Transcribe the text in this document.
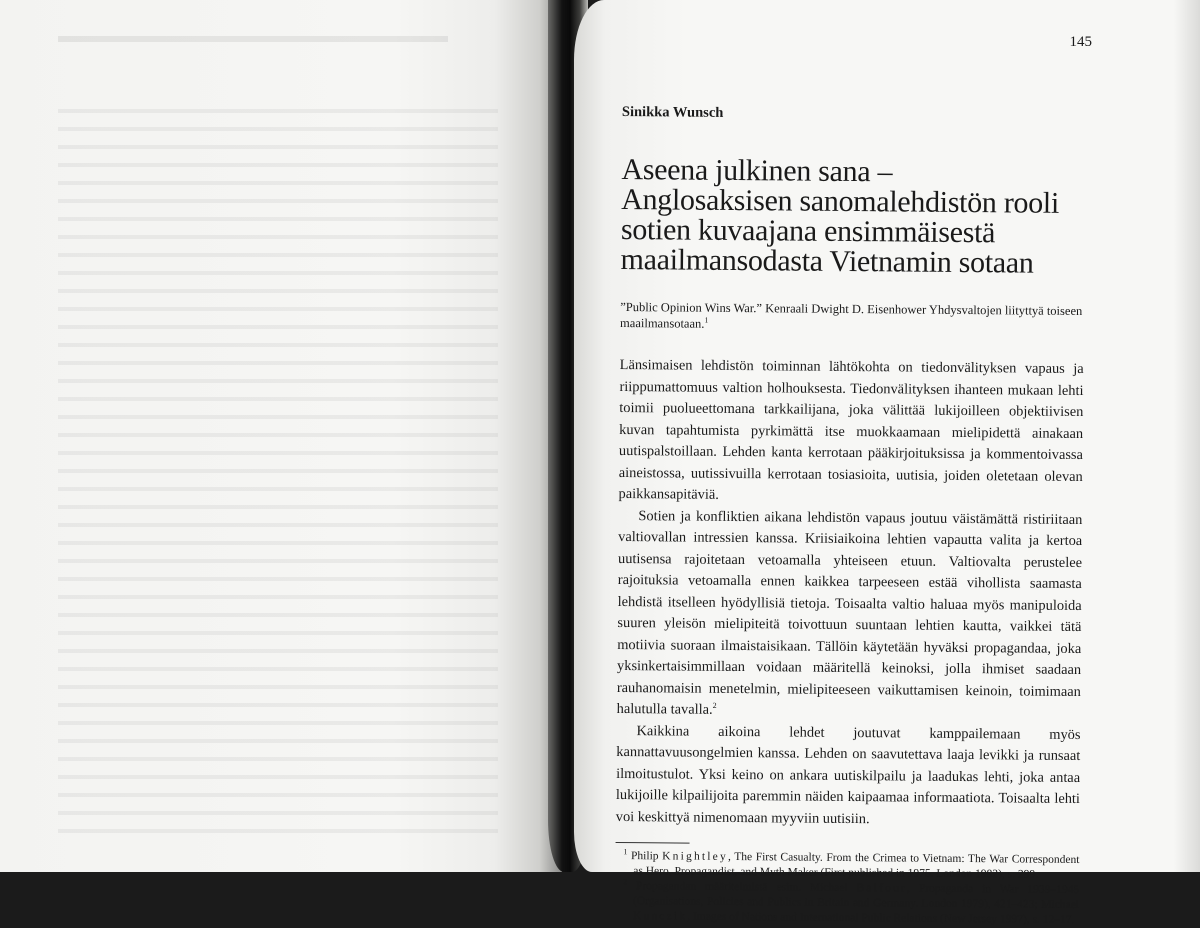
145
Sinikka Wunsch
Aseena julkinen sana –
Anglosaksisen sanomalehdistön rooli
sotien kuvaajana ensimmäisestä
maailmansodasta Vietnamin sotaan

”Public Opinion Wins War.” Kenraali Dwight D. Eisenhower Yhdysvaltojen liityttyä toiseen maailmansotaan.$^1$

Länsimaisen lehdistön toiminnan lähtökohta on tiedonvälityksen vapaus ja riippumattomuus valtion holhouksesta. Tiedonvälityksen ihanteen mukaan lehti toimii puolueettomana tarkkailijana, joka välittää lukijoilleen objektiivisen kuvan tapahtumista pyrkimättä itse muokkaamaan mielipidettä ainakaan uutispalstoillaan. Lehden kanta kerrotaan pääkirjoituksissa ja kommentoivassa aineistossa, uutissivuilla kerrotaan tosiasioita, uutisia, joiden oletetaan olevan paikkansapitäviä.

Sotien ja konfliktien aikana lehdistön vapaus joutuu väistämättä ristiriitaan valtiovallan intressien kanssa. Kriisiaikoina lehtien vapautta valita ja kertoa uutisensa rajoitetaan vetoamalla yhteiseen etuun. Valtiovalta perustelee rajoituksia vetoamalla ennen kaikkea tarpeeseen estää vihollista saamasta lehdistä itselleen hyödyllisiä tietoja. Toisaalta valtio haluaa myös manipuloida suuren yleisön mielipiteitä toivottuun suuntaan lehtien kautta, vaikkei tätä motiivia suoraan ilmaistaisikaan. Tällöin käytetään hyväksi propagandaa, joka yksinkertaisimmillaan voidaan määritellä keinoksi, jolla ihmiset saadaan rauhanomaisin menetelmin, mielipiteeseen vaikuttamisen keinoin, toimimaan halutulla tavalla.$^2$

Kaikkina aikoina lehdet joutuvat kamppailemaan myös kannattavuusongelmien kanssa. Lehden on saavutettava laaja levikki ja runsaat ilmoitustulot. Yksi keino on ankara uutiskilpailu ja laadukas lehti, joka antaa lukijoille kilpailijoita paremmin näiden kaipaamaa informaatiota. Toisaalta lehti voi keskittyä nimenomaan myyviin uutisiin.

$^1$ Philip Knightley, The First Casualty. From the Crimea to Vietnam: The War Correspondent as Hero, Propagandist, and Myth Maker (First published in 1975. London 1982), s. 299.

$^2$ Propagandan määritelmistä esim. Michael Balfour, Propaganda in War 1939–1945 (Organisations, Policies and Publics in Britain and Germany. London 1979), 421–423; Michael Kunczik, Images of Nations and International Public Relations (New Jersey 1997), s. 12–17.
